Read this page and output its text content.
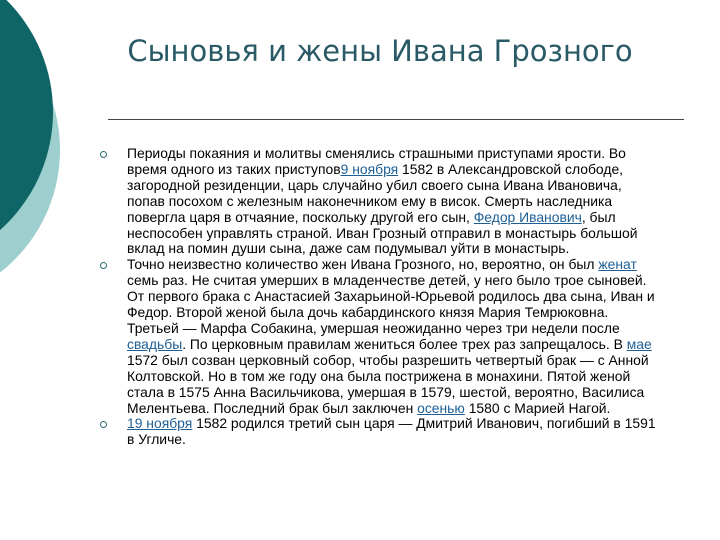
Сыновья и жены Ивана Грозного
Периоды покаяния и молитвы сменялись страшными приступами ярости. Во время одного из таких приступов9 ноября 1582 в Александровской слободе, загородной резиденции, царь случайно убил своего сына Ивана Ивановича, попав посохом с железным наконечником ему в висок. Смерть наследника повергла царя в отчаяние, поскольку другой его сын, Федор Иванович, был неспособен управлять страной. Иван Грозный отправил в монастырь большой вклад на помин души сына, даже сам подумывал уйти в монастырь.
Точно неизвестно количество жен Ивана Грозного, но, вероятно, он был женат семь раз. Не считая умерших в младенчестве детей, у него было трое сыновей. От первого брака с Анастасией Захарьиной-Юрьевой родилось два сына, Иван и Федор. Второй женой была дочь кабардинского князя Мария Темрюковна. Третьей — Марфа Собакина, умершая неожиданно через три недели после свадьбы. По церковным правилам жениться более трех раз запрещалось. В мае 1572 был созван церковный собор, чтобы разрешить четвертый брак — с Анной Колтовской. Но в том же году она была пострижена в монахини. Пятой женой стала в 1575 Анна Васильчикова, умершая в 1579, шестой, вероятно, Василиса Мелентьева. Последний брак был заключен осенью 1580 с Марией Нагой.
19 ноября 1582 родился третий сын царя — Дмитрий Иванович, погибший в 1591 в Угличе.
